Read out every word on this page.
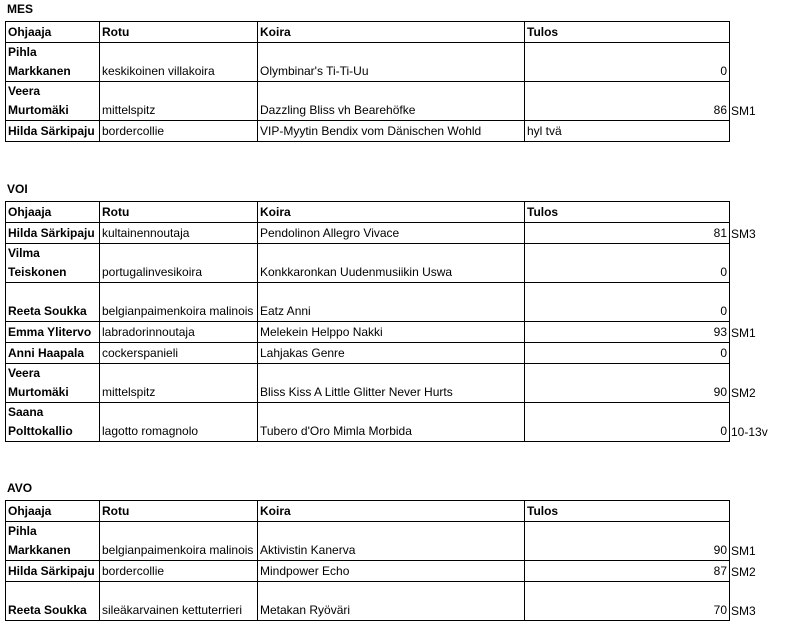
MES
Ohjaaja	Rotu	Koira	Tulos	
Pihla Markkanen	keskikoinen villakoira	Olymbinar's Ti-Ti-Uu	0	
Veera Murtomäki	mittelspitz	Dazzling Bliss vh Bearehöfke	86	SM1
Hilda Särkipaju	bordercollie	VIP-Myytin Bendix vom Dänischen Wohld	hyl tvä	
VOI
Ohjaaja	Rotu	Koira	Tulos	
Hilda Särkipaju	kultainennoutaja	Pendolinon Allegro Vivace	81	SM3
Vilma Teiskonen	portugalinvesikoira	Konkkaronkan Uudenmusiikin Uswa	0	
Reeta Soukka	belgianpaimenkoira malinois	Eatz Anni	0	
Emma Ylitervo	labradorinnoutaja	Melekein Helppo Nakki	93	SM1
Anni Haapala	cockerspanieli	Lahjakas Genre	0	
Veera Murtomäki	mittelspitz	Bliss Kiss A Little Glitter Never Hurts	90	SM2
Saana Polttokallio	lagotto romagnolo	Tubero d'Oro Mimla Morbida	0	10-13v
AVO
Ohjaaja	Rotu	Koira	Tulos	
Pihla Markkanen	belgianpaimenkoira malinois	Aktivistin Kanerva	90	SM1
Hilda Särkipaju	bordercollie	Mindpower Echo	87	SM2
Reeta Soukka	sileäkarvainen kettuterrieri	Metakan Ryöväri	70	SM3
